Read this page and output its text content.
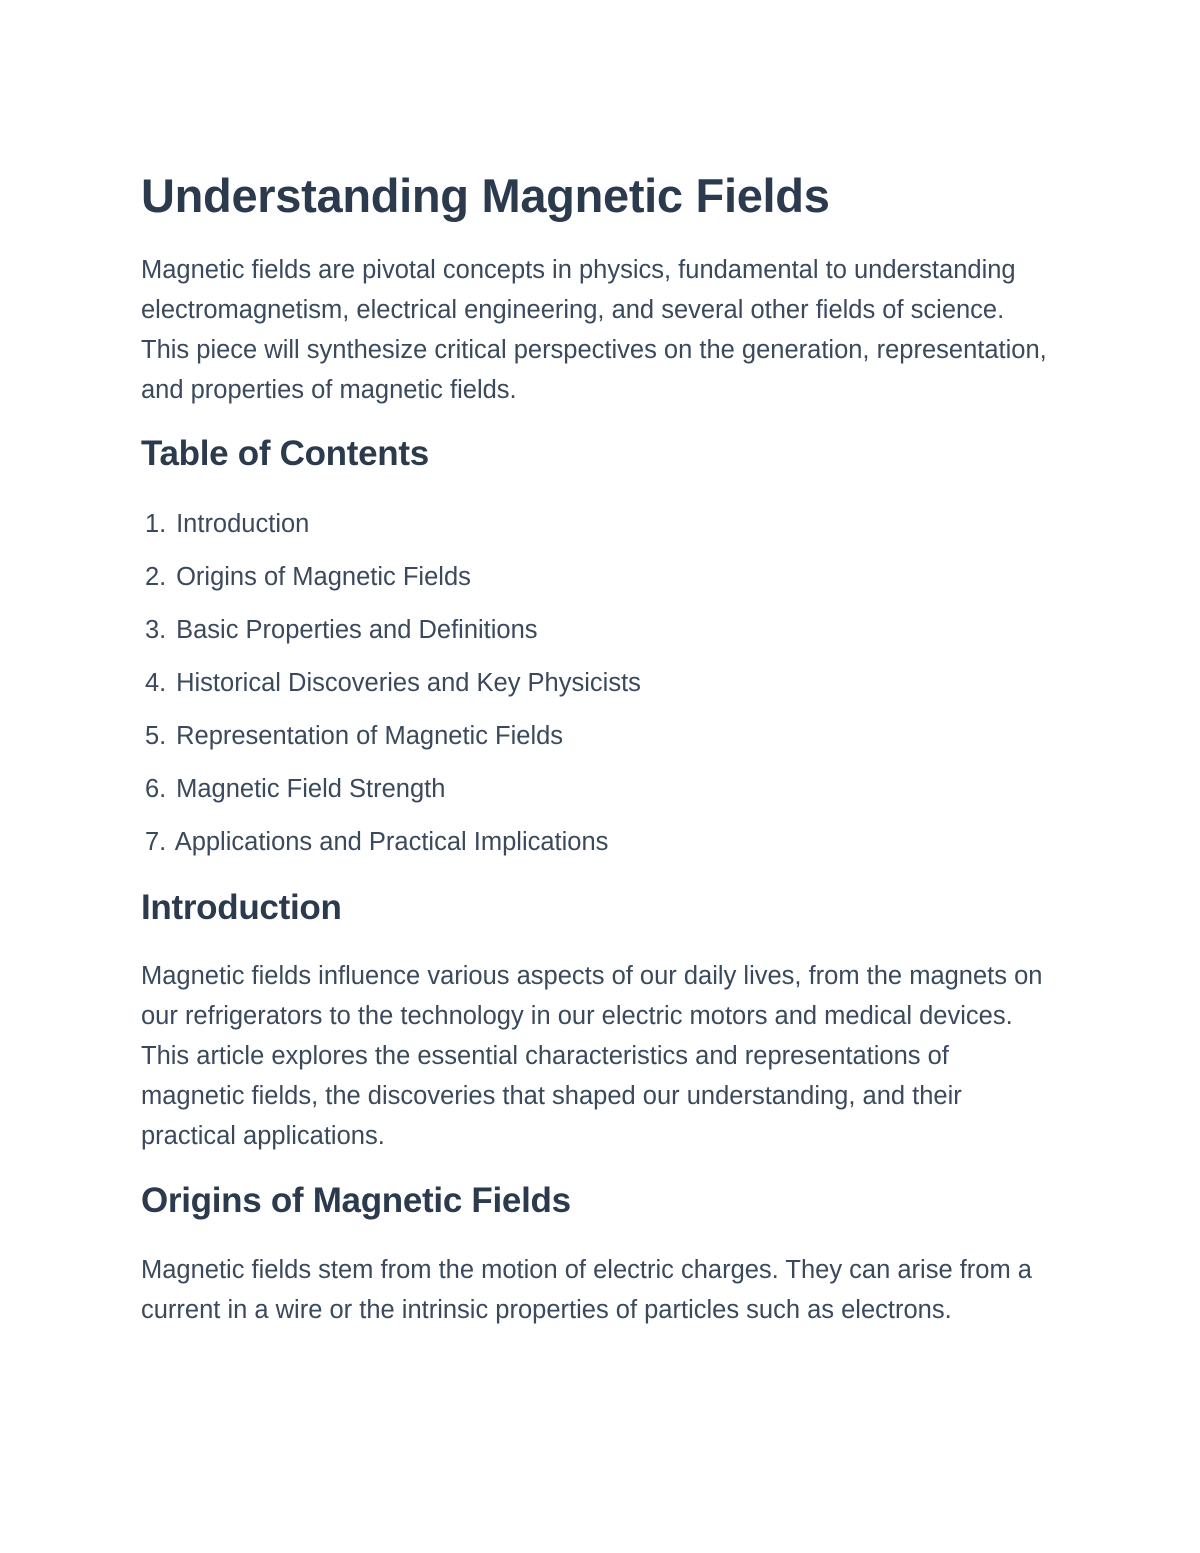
Understanding Magnetic Fields

Magnetic fields are pivotal concepts in physics, fundamental to understanding electromagnetism, electrical engineering, and several other fields of science. This piece will synthesize critical perspectives on the generation, representation, and properties of magnetic fields.

Table of Contents
1. Introduction
2. Origins of Magnetic Fields
3. Basic Properties and Definitions
4. Historical Discoveries and Key Physicists
5. Representation of Magnetic Fields
6. Magnetic Field Strength
7. Applications and Practical Implications
Introduction

Magnetic fields influence various aspects of our daily lives, from the magnets on our refrigerators to the technology in our electric motors and medical devices. This article explores the essential characteristics and representations of magnetic fields, the discoveries that shaped our understanding, and their practical applications.

Origins of Magnetic Fields

Magnetic fields stem from the motion of electric charges. They can arise from a current in a wire or the intrinsic properties of particles such as electrons.
